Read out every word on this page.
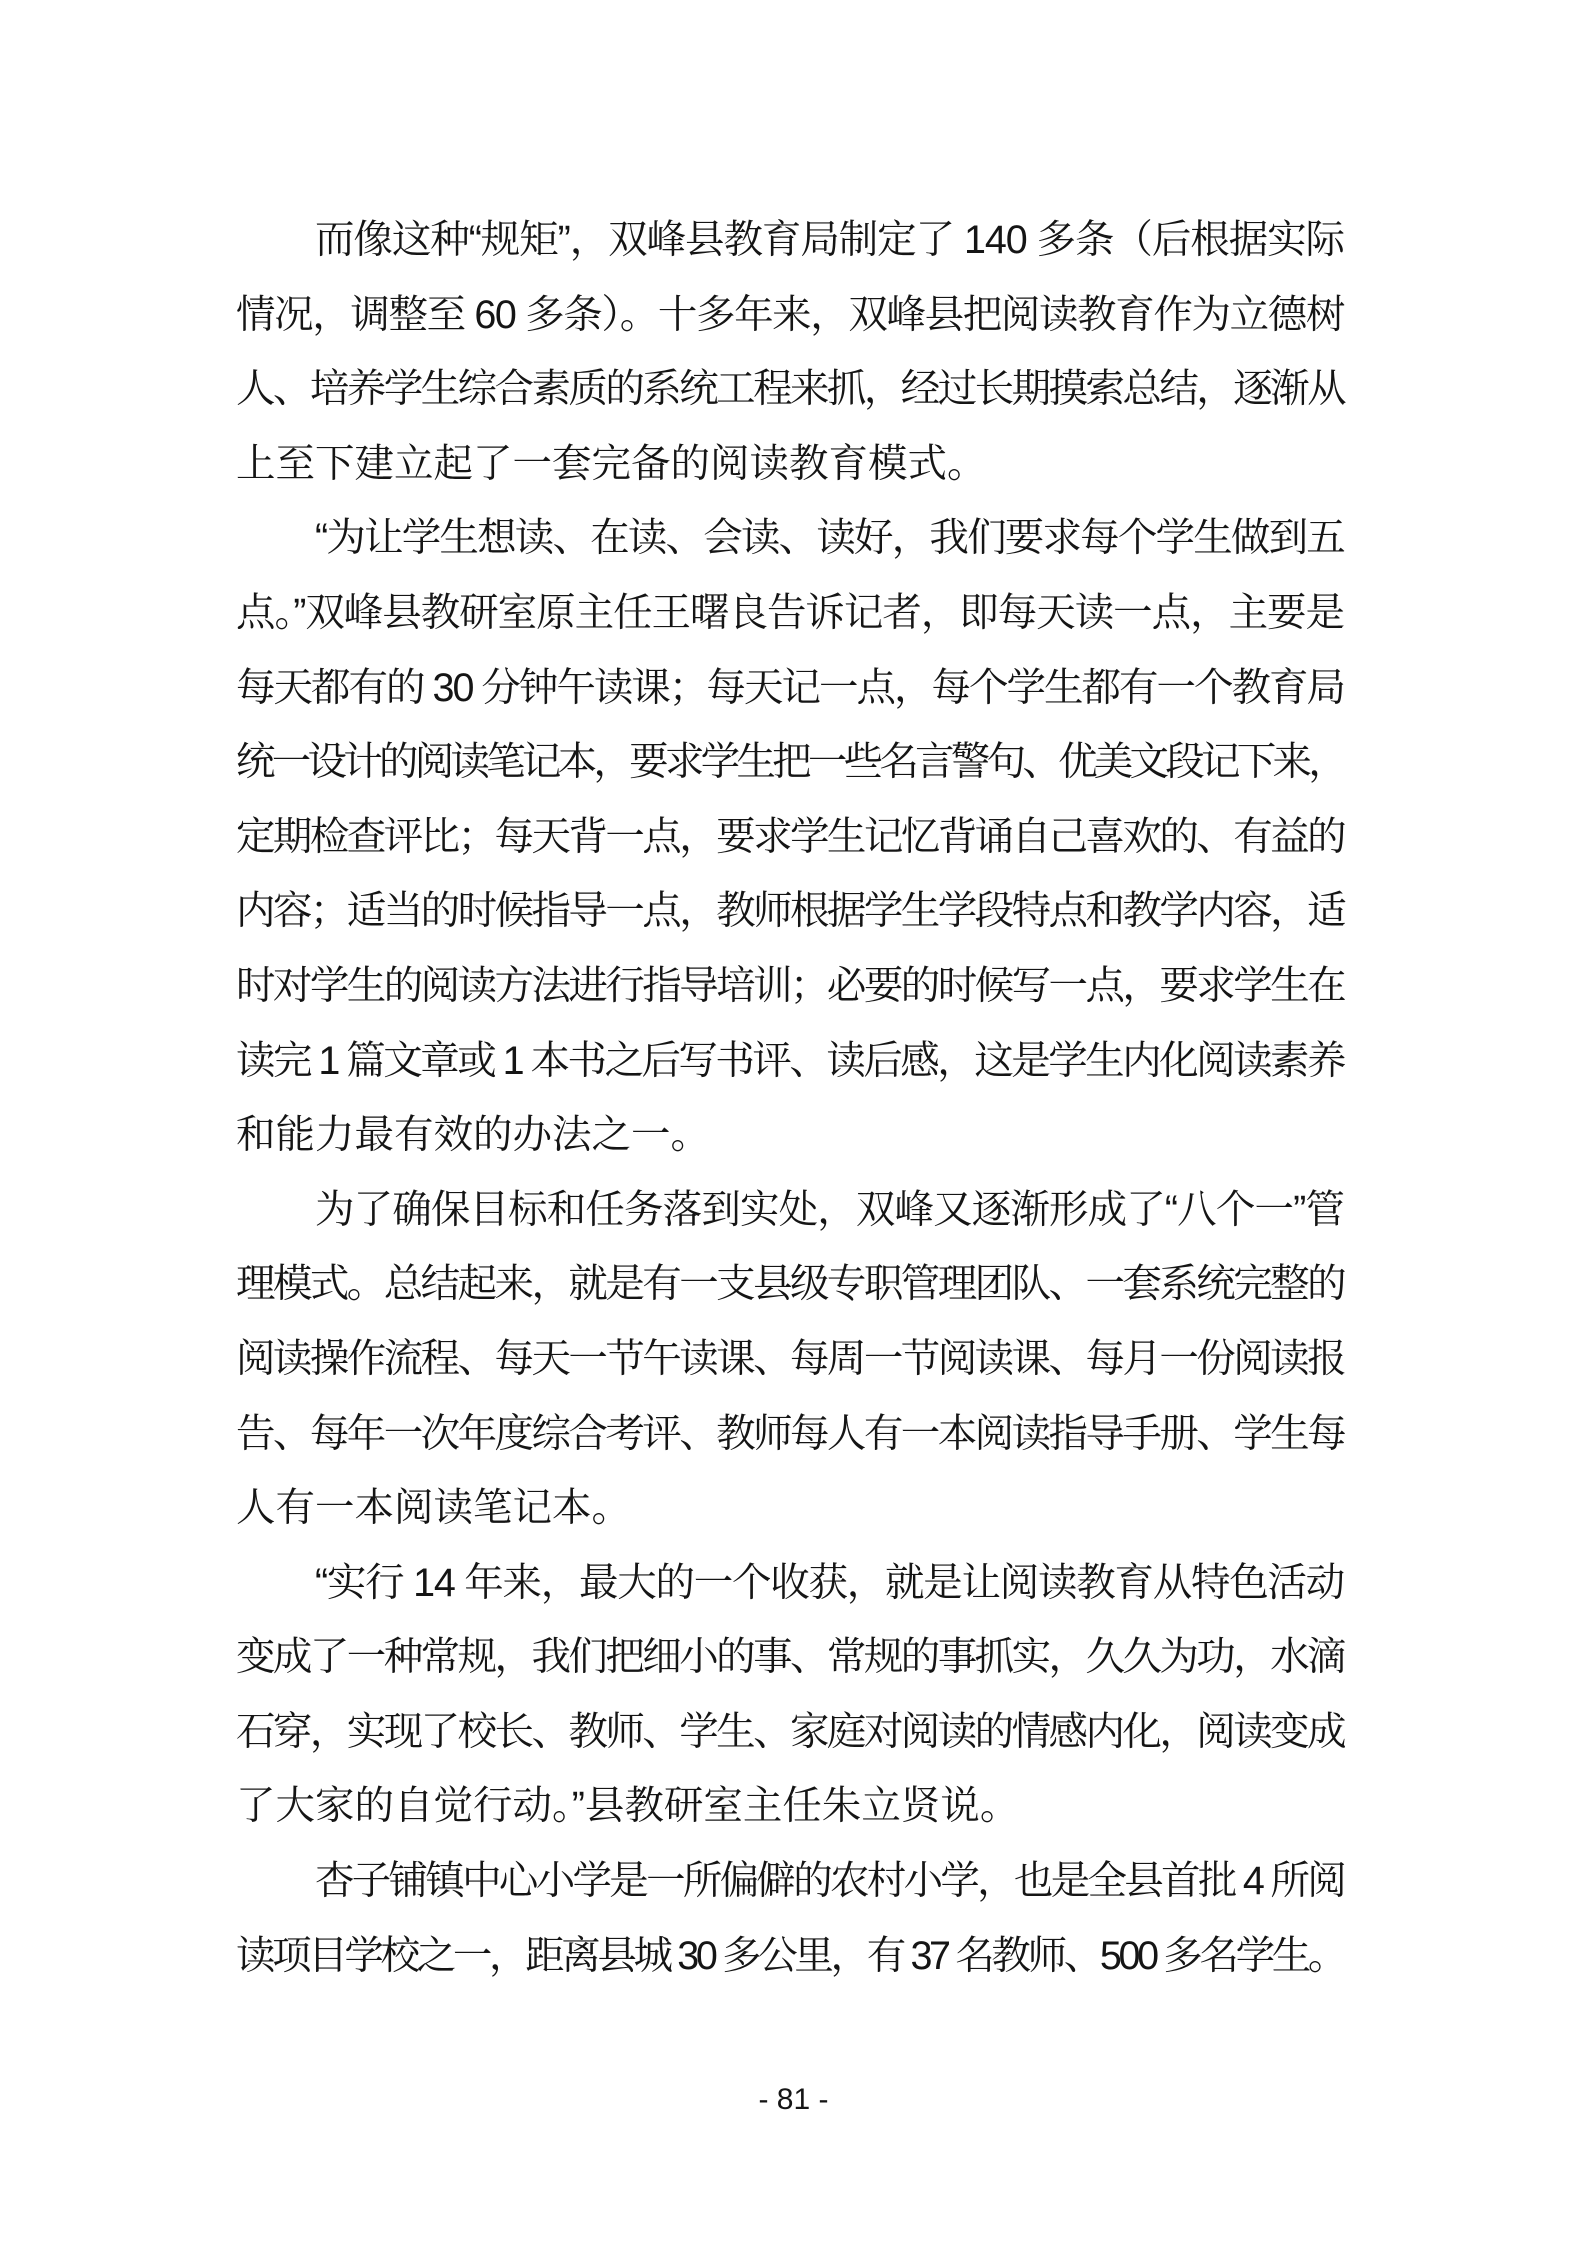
而像这种“规矩”，双峰县教育局制定了 140 多条（后根据实际
情况，调整至 60 多条）。十多年来，双峰县把阅读教育作为立德树
人、培养学生综合素质的系统工程来抓，经过长期摸索总结，逐渐从
上至下建立起了一套完备的阅读教育模式。
“为让学生想读、在读、会读、读好，我们要求每个学生做到五
点。”双峰县教研室原主任王曙良告诉记者，即每天读一点，主要是
每天都有的 30 分钟午读课；每天记一点，每个学生都有一个教育局
统一设计的阅读笔记本，要求学生把一些名言警句、优美文段记下来，
定期检查评比；每天背一点，要求学生记忆背诵自己喜欢的、有益的
内容；适当的时候指导一点，教师根据学生学段特点和教学内容，适
时对学生的阅读方法进行指导培训；必要的时候写一点，要求学生在
读完 1 篇文章或 1 本书之后写书评、读后感，这是学生内化阅读素养
和能力最有效的办法之一。
为了确保目标和任务落到实处，双峰又逐渐形成了“八个一”管
理模式。总结起来，就是有一支县级专职管理团队、一套系统完整的
阅读操作流程、每天一节午读课、每周一节阅读课、每月一份阅读报
告、每年一次年度综合考评、教师每人有一本阅读指导手册、学生每
人有一本阅读笔记本。
“实行 14 年来，最大的一个收获，就是让阅读教育从特色活动
变成了一种常规，我们把细小的事、常规的事抓实，久久为功，水滴
石穿，实现了校长、教师、学生、家庭对阅读的情感内化，阅读变成
了大家的自觉行动。”县教研室主任朱立贤说。
杏子铺镇中心小学是一所偏僻的农村小学，也是全县首批 4 所阅
读项目学校之一，距离县城 30 多公里，有 37 名教师、500 多名学生。
- 81 -
